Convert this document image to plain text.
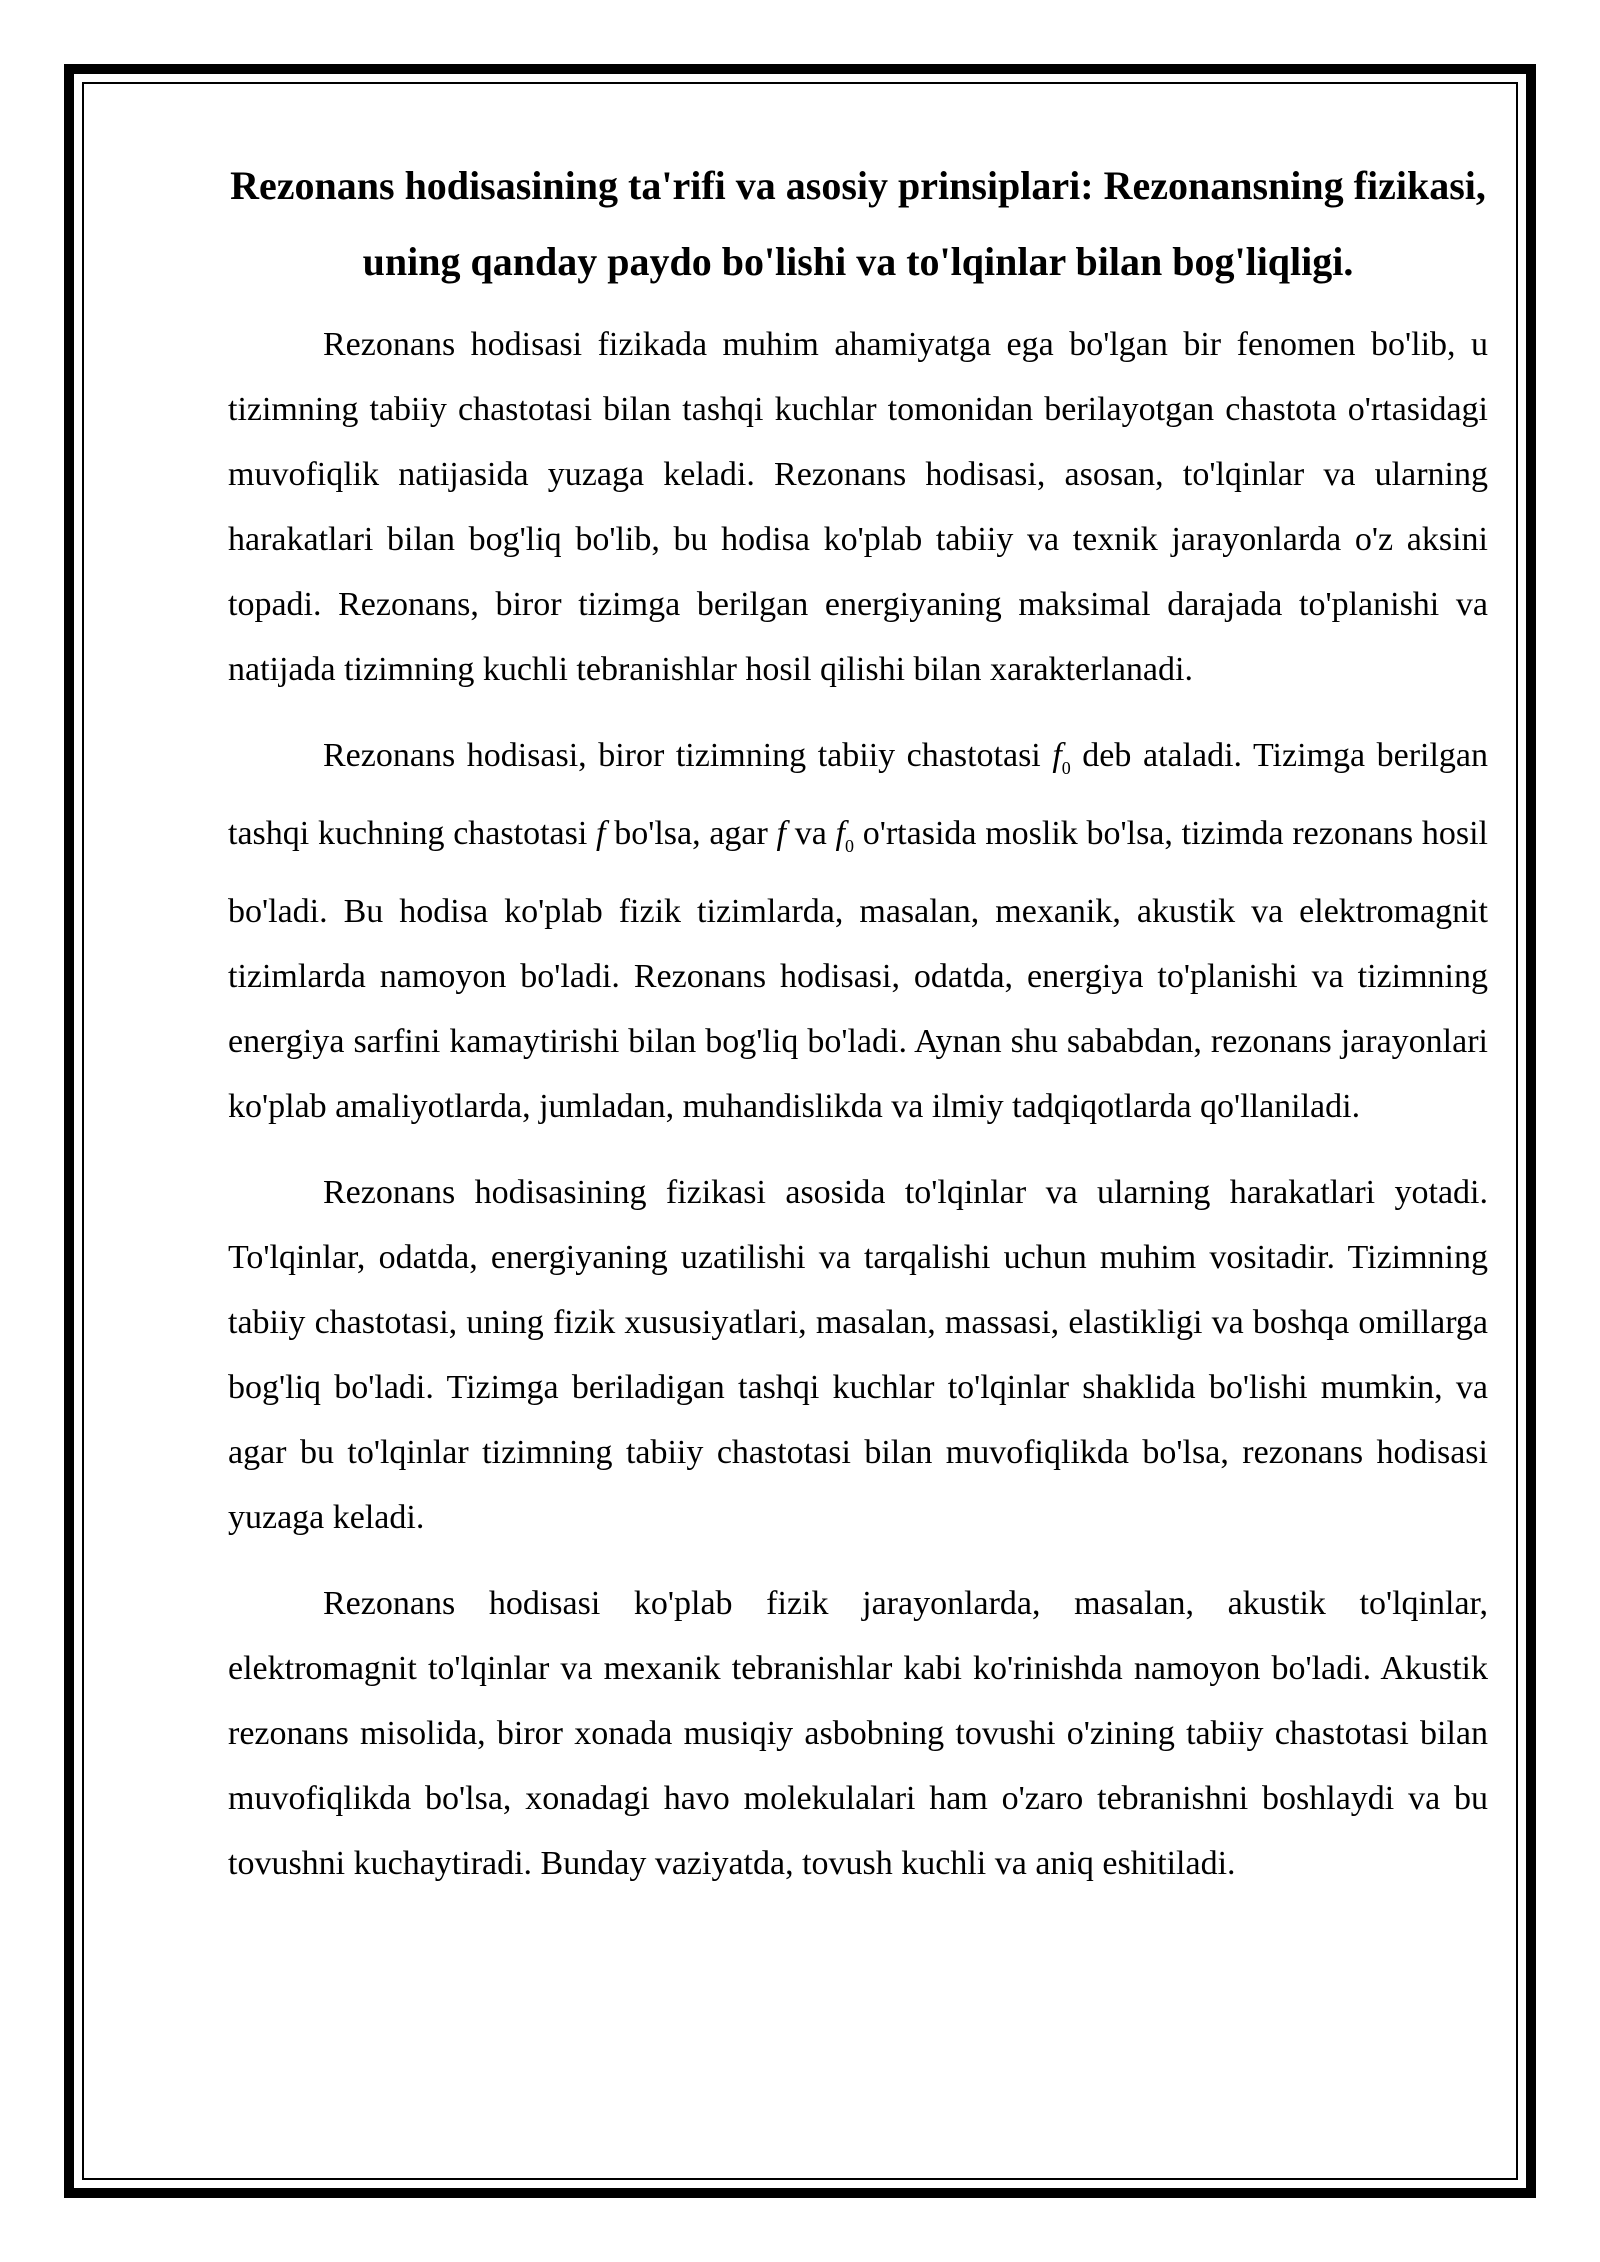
Rezonans hodisasining ta'rifi va asosiy prinsiplari: Rezonansning fizikasi, uning qanday paydo bo'lishi va to'lqinlar bilan bog'liqligi.

Rezonans hodisasi fizikada muhim ahamiyatga ega bo'lgan bir fenomen bo'lib, u tizimning tabiiy chastotasi bilan tashqi kuchlar tomonidan berilayotgan chastota o'rtasidagi muvofiqlik natijasida yuzaga keladi. Rezonans hodisasi, asosan, to'lqinlar va ularning harakatlari bilan bog'liq bo'lib, bu hodisa ko'plab tabiiy va texnik jarayonlarda o'z aksini topadi. Rezonans, biror tizimga berilgan energiyaning maksimal darajada to'planishi va natijada tizimning kuchli tebranishlar hosil qilishi bilan xarakterlanadi.

Rezonans hodisasi, biror tizimning tabiiy chastotasi $f_0$ deb ataladi. Tizimga berilgan tashqi kuchning chastotasi f bo'lsa, agar f va $f_0$ o'rtasida moslik bo'lsa, tizimda rezonans hosil bo'ladi. Bu hodisa ko'plab fizik tizimlarda, masalan, mexanik, akustik va elektromagnit tizimlarda namoyon bo'ladi. Rezonans hodisasi, odatda, energiya to'planishi va tizimning energiya sarfini kamaytirishi bilan bog'liq bo'ladi. Aynan shu sababdan, rezonans jarayonlari ko'plab amaliyotlarda, jumladan, muhandislikda va ilmiy tadqiqotlarda qo'llaniladi.

Rezonans hodisasining fizikasi asosida to'lqinlar va ularning harakatlari yotadi. To'lqinlar, odatda, energiyaning uzatilishi va tarqalishi uchun muhim vositadir. Tizimning tabiiy chastotasi, uning fizik xususiyatlari, masalan, massasi, elastikligi va boshqa omillarga bog'liq bo'ladi. Tizimga beriladigan tashqi kuchlar to'lqinlar shaklida bo'lishi mumkin, va agar bu to'lqinlar tizimning tabiiy chastotasi bilan muvofiqlikda bo'lsa, rezonans hodisasi yuzaga keladi.

Rezonans hodisasi ko'plab fizik jarayonlarda, masalan, akustik to'lqinlar, elektromagnit to'lqinlar va mexanik tebranishlar kabi ko'rinishda namoyon bo'ladi. Akustik rezonans misolida, biror xonada musiqiy asbobning tovushi o'zining tabiiy chastotasi bilan muvofiqlikda bo'lsa, xonadagi havo molekulalari ham o'zaro tebranishni boshlaydi va bu tovushni kuchaytiradi. Bunday vaziyatda, tovush kuchli va aniq eshitiladi.
